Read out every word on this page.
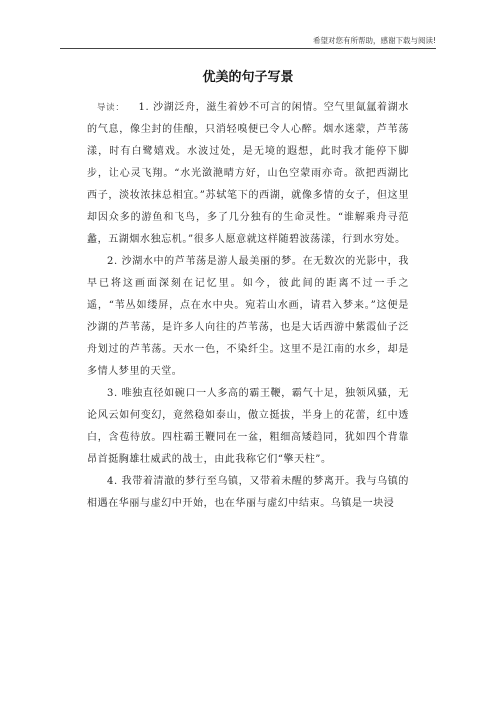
希望对您有所帮助，感谢下载与阅读!
优美的句子写景

导读： 1. 沙湖泛舟，滋生着妙不可言的闲情。空气里氤氲着湖水的气息，像尘封的佳酿，只消轻嗅便已令人心醉。烟水迷蒙，芦苇荡漾，时有白鹭嬉戏。水波过处，是无境的遐想，此时我才能停下脚步，让心灵飞翔。“水光潋滟晴方好，山色空蒙雨亦奇。欲把西湖比西子，淡妆浓抹总相宜。”苏轼笔下的西湖，就像多情的女子，但这里却因众多的游鱼和飞鸟，多了几分独有的生命灵性。“谁解乘舟寻范蠡，五湖烟水独忘机。”很多人愿意就这样随碧波荡漾，行到水穷处。

2. 沙湖水中的芦苇荡是游人最美丽的梦。在无数次的光影中，我早已将这画面深刻在记忆里。如今，彼此间的距离不过一手之遥，“苇丛如缕屏，点在水中央。宛若山水画，请君入梦来。”这便是沙湖的芦苇荡，是许多人向往的芦苇荡，也是大话西游中紫霞仙子泛舟划过的芦苇荡。天水一色，不染纤尘。这里不是江南的水乡，却是多情人梦里的天堂。

3. 唯独直径如碗口一人多高的霸王鞭，霸气十足，独领风骚，无论风云如何变幻，竟然稳如泰山，傲立挺拔，半身上的花蕾，红中透白，含苞待放。四柱霸王鞭同在一盆，粗细高矮趋同，犹如四个背靠昂首挺胸雄壮威武的战士，由此我称它们“擎天柱”。

4. 我带着清澈的梦行至乌镇，又带着未醒的梦离开。我与乌镇的相遇在华丽与虚幻中开始，也在华丽与虚幻中结束。乌镇是一块浸
